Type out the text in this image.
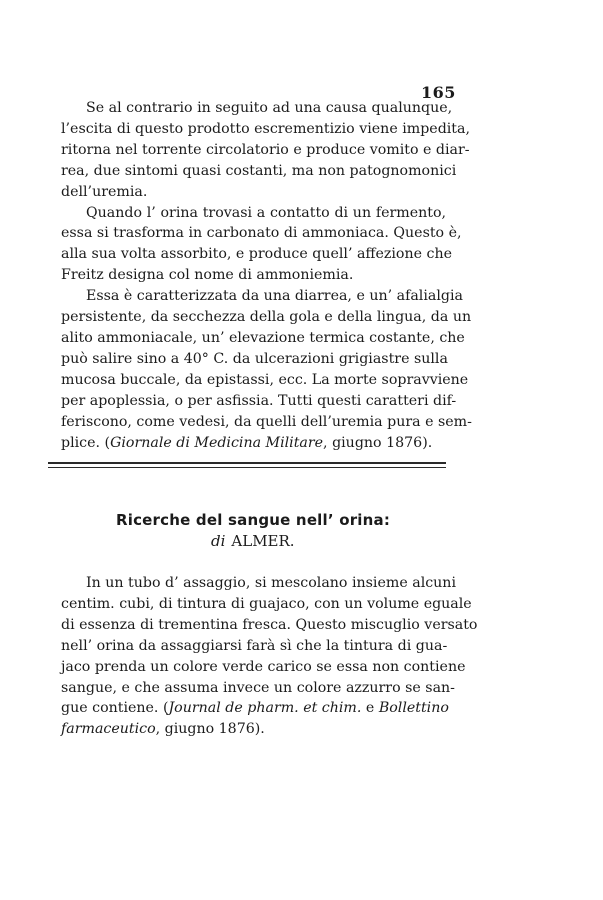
165

Se al contrario in seguito ad una causa qualunque,
l’escita di questo prodotto escrementizio viene impedita,
ritorna nel torrente circolatorio e produce vomito e diar-
rea, due sintomi quasi costanti, ma non patognomonici
dell’uremia.

Quando l’ orina trovasi a contatto di un fermento,
essa si trasforma in carbonato di ammoniaca. Questo è,
alla sua volta assorbito, e produce quell’ affezione che
Freitz designa col nome di ammoniemia.

Essa è caratterizzata da una diarrea, e un’ afalialgia
persistente, da secchezza della gola e della lingua, da un
alito ammoniacale, un’ elevazione termica costante, che
può salire sino a 40° C. da ulcerazioni grigiastre sulla
mucosa buccale, da epistassi, ecc. La morte sopravviene
per apoplessia, o per asfissia. Tutti questi caratteri dif-
feriscono, come vedesi, da quelli dell’uremia pura e sem-
plice. (Giornale di Medicina Militare, giugno 1876).

Ricerche del sangue nell’ orina:
di ALMER.

In un tubo d’ assaggio, si mescolano insieme alcuni
centim. cubi, di tintura di guajaco, con un volume eguale
di essenza di trementina fresca. Questo miscuglio versato
nell’ orina da assaggiarsi farà sì che la tintura di gua-
jaco prenda un colore verde carico se essa non contiene
sangue, e che assuma invece un colore azzurro se san-
gue contiene. (Journal de pharm. et chim. e Bollettino
farmaceutico, giugno 1876).
